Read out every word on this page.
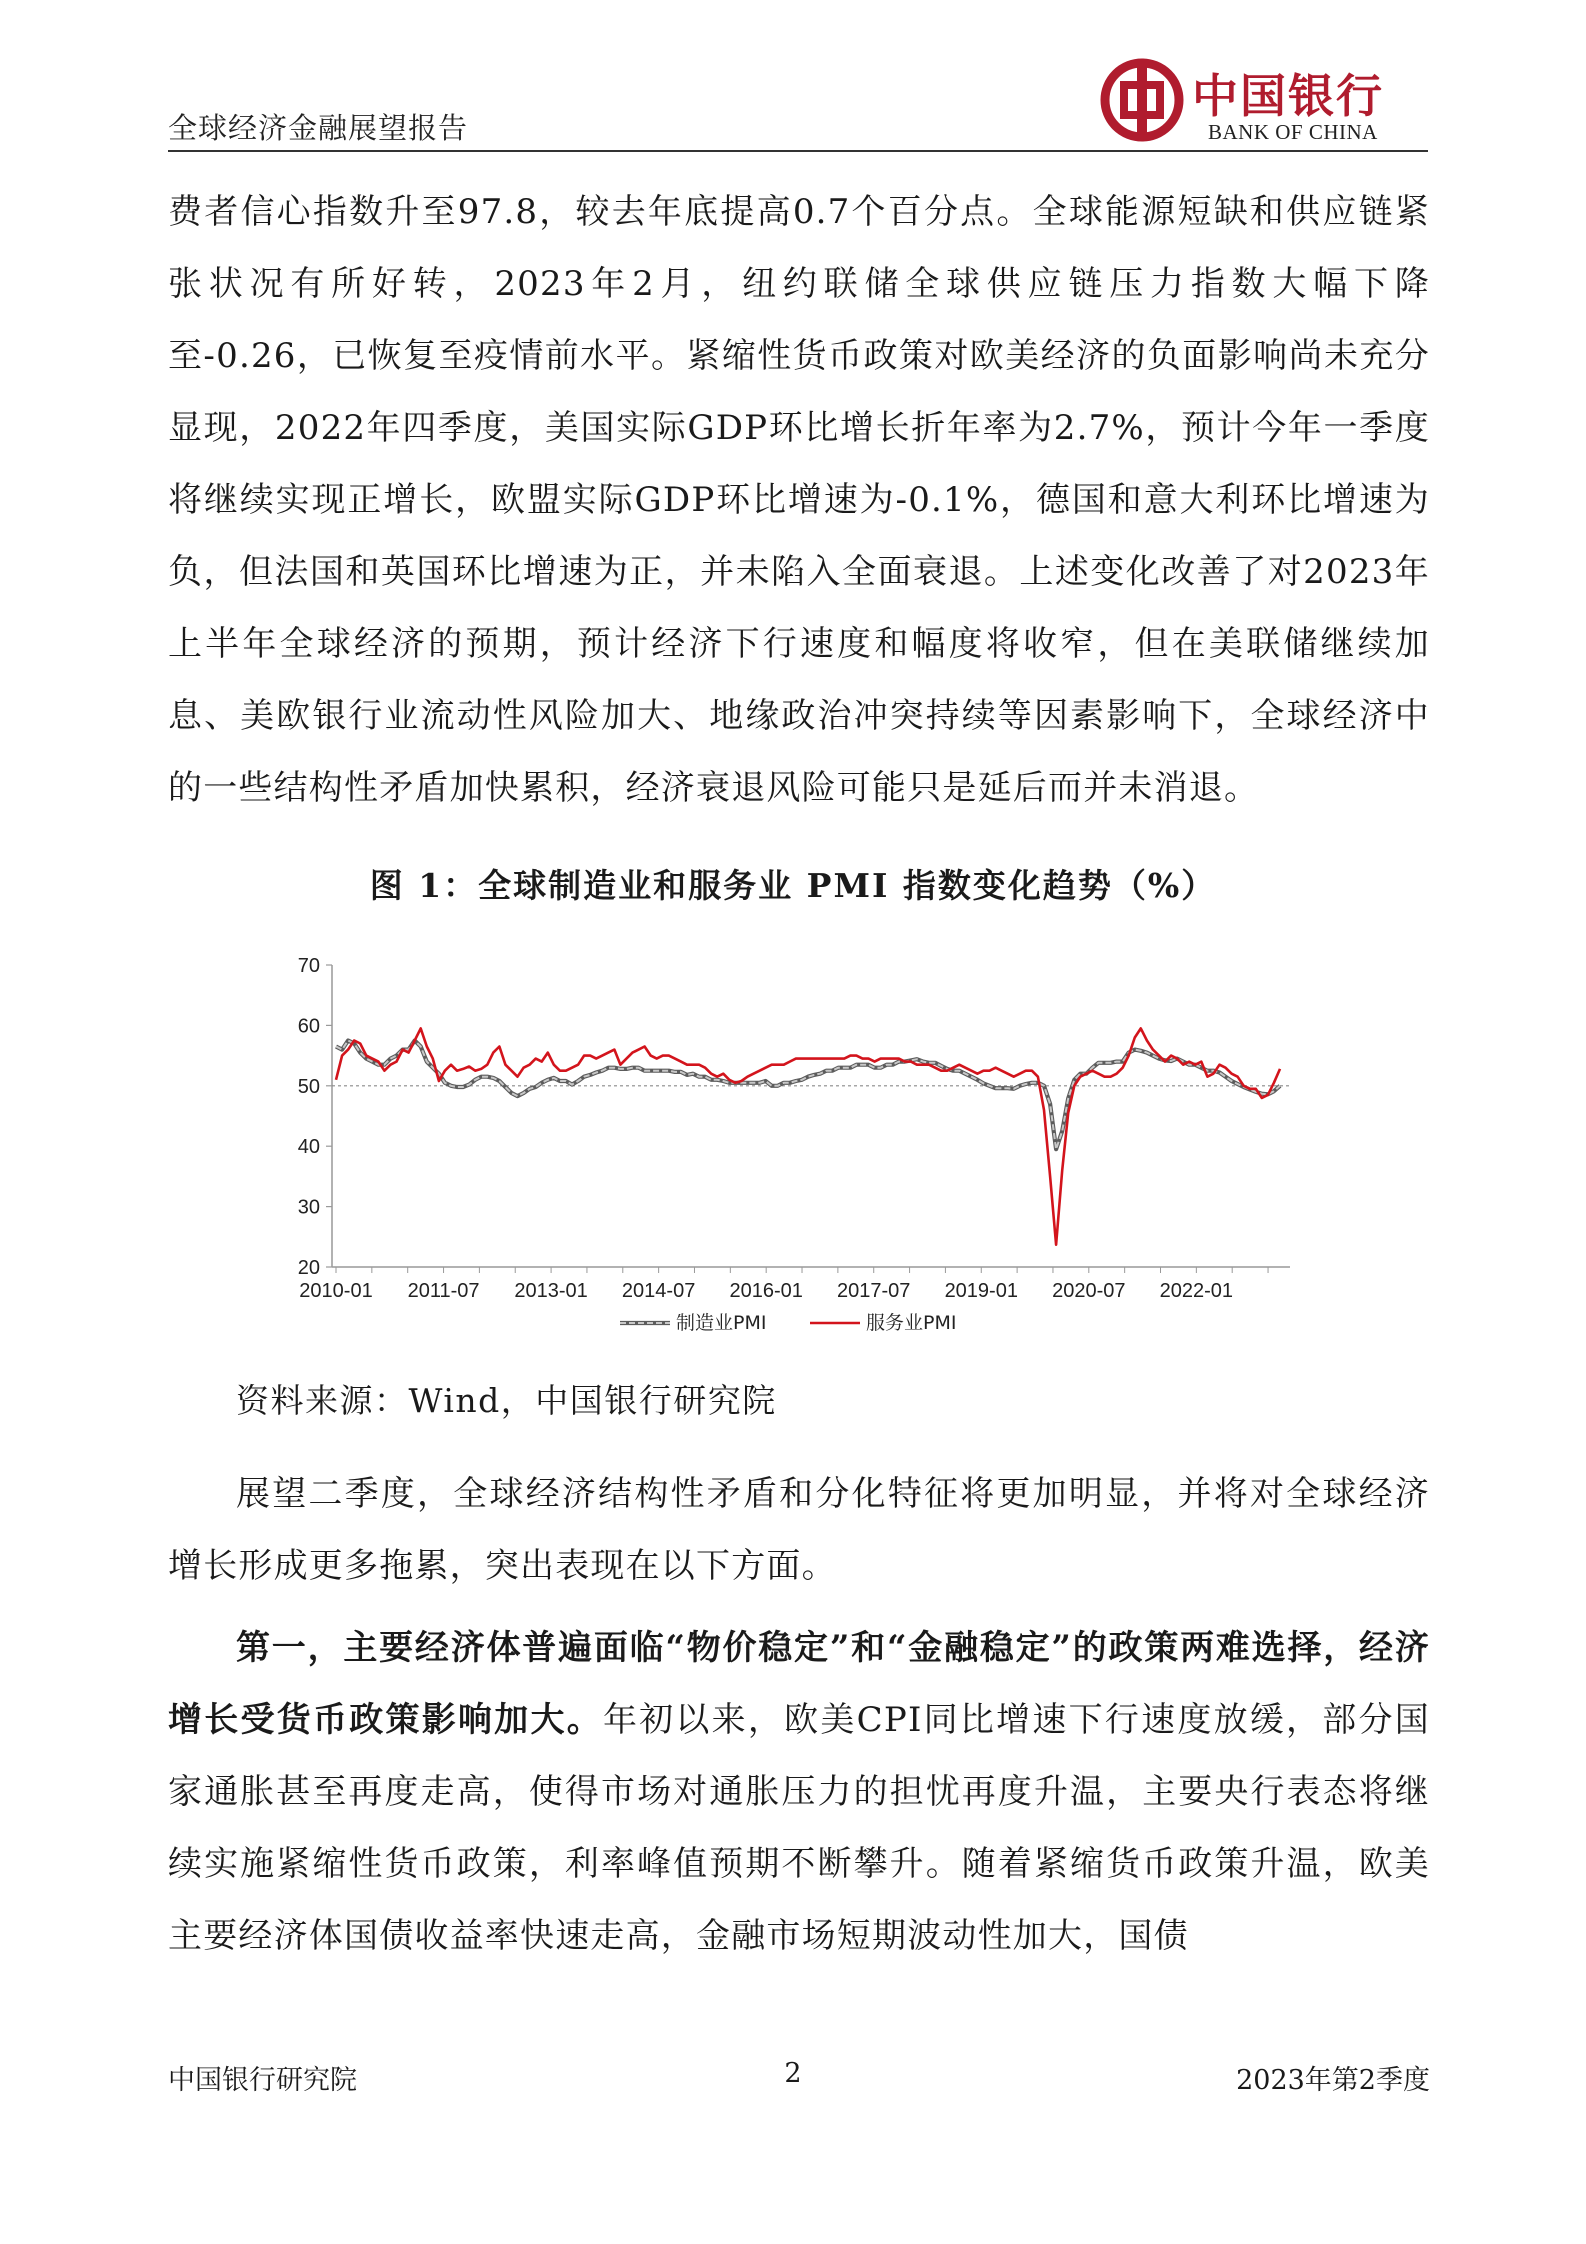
全球经济金融展望报告
中国银行
BANK OF CHINA
费者信心指数升至97.8，较去年底提高0.7个百分点。全球能源短缺和供应链紧张状况有所好转，2023年2月，纽约联储全球供应链压力指数大幅下降至-0.26，已恢复至疫情前水平。紧缩性货币政策对欧美经济的负面影响尚未充分显现，2022年四季度，美国实际GDP环比增长折年率为2.7%，预计今年一季度将继续实现正增长，欧盟实际GDP环比增速为-0.1%，德国和意大利环比增速为负，但法国和英国环比增速为正，并未陷入全面衰退。上述变化改善了对2023年上半年全球经济的预期，预计经济下行速度和幅度将收窄，但在美联储继续加息、美欧银行业流动性风险加大、地缘政治冲突持续等因素影响下，全球经济中的一些结构性矛盾加快累积，经济衰退风险可能只是延后而并未消退。
图 1：全球制造业和服务业 PMI 指数变化趋势（%）
70
60
50
40
30
20
2010-01 2011-07 2013-01 2014-07 2016-01 2017-07 2019-01 2020-07 2022-01
制造业PMI	服务业PMI
资料来源：Wind，中国银行研究院
展望二季度，全球经济结构性矛盾和分化特征将更加明显，并将对全球经济增长形成更多拖累，突出表现在以下方面。
第一，主要经济体普遍面临“物价稳定”和“金融稳定”的政策两难选择，经济增长受货币政策影响加大。年初以来，欧美CPI同比增速下行速度放缓，部分国家通胀甚至再度走高，使得市场对通胀压力的担忧再度升温，主要央行表态将继续实施紧缩性货币政策，利率峰值预期不断攀升。随着紧缩货币政策升温，欧美主要经济体国债收益率快速走高，金融市场短期波动性加大，国债
中国银行研究院	2	2023年第2季度
